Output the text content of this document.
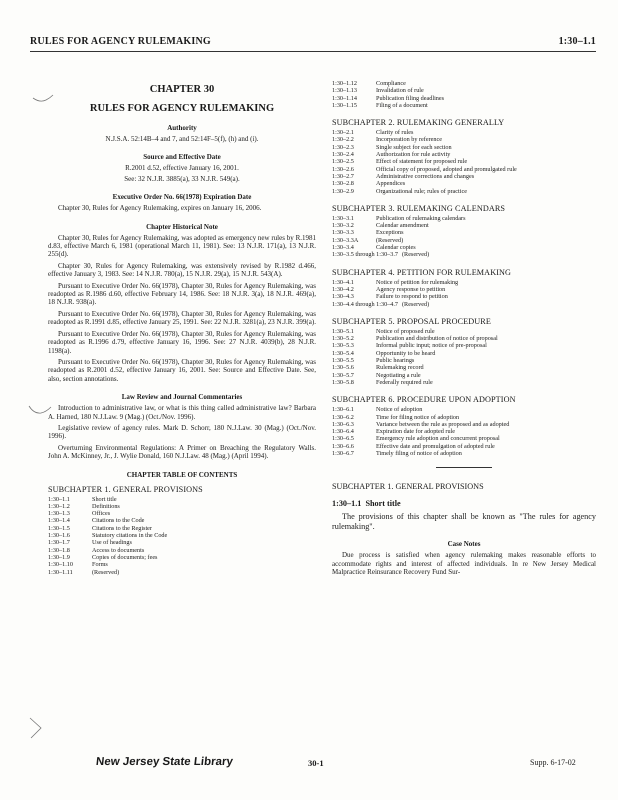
RULES FOR AGENCY RULEMAKING	1:30–1.1
CHAPTER 30
RULES FOR AGENCY RULEMAKING
Authority
N.J.S.A. 52:14B–4 and 7, and 52:14F–5(f), (h) and (i).
Source and Effective Date
R.2001 d.52, effective January 16, 2001.
See: 32 N.J.R. 3885(a), 33 N.J.R. 549(a).
Executive Order No. 66(1978) Expiration Date
Chapter 30, Rules for Agency Rulemaking, expires on January 16, 2006.
Chapter Historical Note
Chapter 30, Rules for Agency Rulemaking, was adopted as emergency new rules by R.1981 d.83, effective March 6, 1981 (operational March 11, 1981). See: 13 N.J.R. 171(a), 13 N.J.R. 255(d).
Chapter 30, Rules for Agency Rulemaking, was extensively revised by R.1982 d.466, effective January 3, 1983. See: 14 N.J.R. 780(a), 15 N.J.R. 29(a), 15 N.J.R. 543(A).
Pursuant to Executive Order No. 66(1978), Chapter 30, Rules for Agency Rulemaking, was readopted as R.1986 d.60, effective February 14, 1986. See: 18 N.J.R. 3(a), 18 N.J.R. 469(a), 18 N.J.R. 938(a).
Pursuant to Executive Order No. 66(1978), Chapter 30, Rules for Agency Rulemaking, was readopted as R.1991 d.85, effective January 25, 1991. See: 22 N.J.R. 3281(a), 23 N.J.R. 399(a).
Pursuant to Executive Order No. 66(1978), Chapter 30, Rules for Agency Rulemaking, was readopted as R.1996 d.79, effective January 16, 1996. See: 27 N.J.R. 4039(b), 28 N.J.R. 1198(a).
Pursuant to Executive Order No. 66(1978), Chapter 30, Rules for Agency Rulemaking, was readopted as R.2001 d.52, effective January 16, 2001. See: Source and Effective Date. See, also, section annotations.
Law Review and Journal Commentaries
Introduction to administrative law, or what is this thing called administrative law? Barbara A. Harned, 180 N.J.Law. 9 (Mag.) (Oct./Nov. 1996).
Legislative review of agency rules. Mark D. Schorr, 180 N.J.Law. 30 (Mag.) (Oct./Nov. 1996).
Overturning Environmental Regulations: A Primer on Breaching the Regulatory Walls. John A. McKinney, Jr., J. Wylie Donald, 160 N.J.Law. 48 (Mag.) (April 1994).
CHAPTER TABLE OF CONTENTS
SUBCHAPTER 1. GENERAL PROVISIONS
1:30–1.1	Short title
1:30–1.2	Definitions
1:30–1.3	Offices
1:30–1.4	Citations to the Code
1:30–1.5	Citations to the Register
1:30–1.6	Statutory citations in the Code
1:30–1.7	Use of headings
1:30–1.8	Access to documents
1:30–1.9	Copies of documents; fees
1:30–1.10	Forms
1:30–1.11	(Reserved)
1:30–1.12	Compliance
1:30–1.13	Invalidation of rule
1:30–1.14	Publication filing deadlines
1:30–1.15	Filing of a document
SUBCHAPTER 2. RULEMAKING GENERALLY
1:30–2.1	Clarity of rules
1:30–2.2	Incorporation by reference
1:30–2.3	Single subject for each section
1:30–2.4	Authorization for rule activity
1:30–2.5	Effect of statement for proposed rule
1:30–2.6	Official copy of proposed, adopted and promulgated rule
1:30–2.7	Administrative corrections and changes
1:30–2.8	Appendices
1:30–2.9	Organizational rule; rules of practice
SUBCHAPTER 3. RULEMAKING CALENDARS
1:30–3.1	Publication of rulemaking calendars
1:30–3.2	Calendar amendment
1:30–3.3	Exceptions
1:30–3.3A	(Reserved)
1:30–3.4	Calendar copies
1:30–3.5 through 1:30–3.7 (Reserved)
SUBCHAPTER 4. PETITION FOR RULEMAKING
1:30–4.1	Notice of petition for rulemaking
1:30–4.2	Agency response to petition
1:30–4.3	Failure to respond to petition
1:30–4.4 through 1:30–4.7 (Reserved)
SUBCHAPTER 5. PROPOSAL PROCEDURE
1:30–5.1	Notice of proposed rule
1:30–5.2	Publication and distribution of notice of proposal
1:30–5.3	Informal public input; notice of pre-proposal
1:30–5.4	Opportunity to be heard
1:30–5.5	Public hearings
1:30–5.6	Rulemaking record
1:30–5.7	Negotiating a rule
1:30–5.8	Federally required rule
SUBCHAPTER 6. PROCEDURE UPON ADOPTION
1:30–6.1	Notice of adoption
1:30–6.2	Time for filing notice of adoption
1:30–6.3	Variance between the rule as proposed and as adopted
1:30–6.4	Expiration date for adopted rule
1:30–6.5	Emergency rule adoption and concurrent proposal
1:30–6.6	Effective date and promulgation of adopted rule
1:30–6.7	Timely filing of notice of adoption
SUBCHAPTER 1. GENERAL PROVISIONS
1:30–1.1 Short title
The provisions of this chapter shall be known as "The rules for agency rulemaking".
Case Notes
Due process is satisfied when agency rulemaking makes reasonable efforts to accommodate rights and interest of affected individuals. In re New Jersey Medical Malpractice Reinsurance Recovery Fund Sur-
New Jersey State Library	30-1	Supp. 6-17-02
